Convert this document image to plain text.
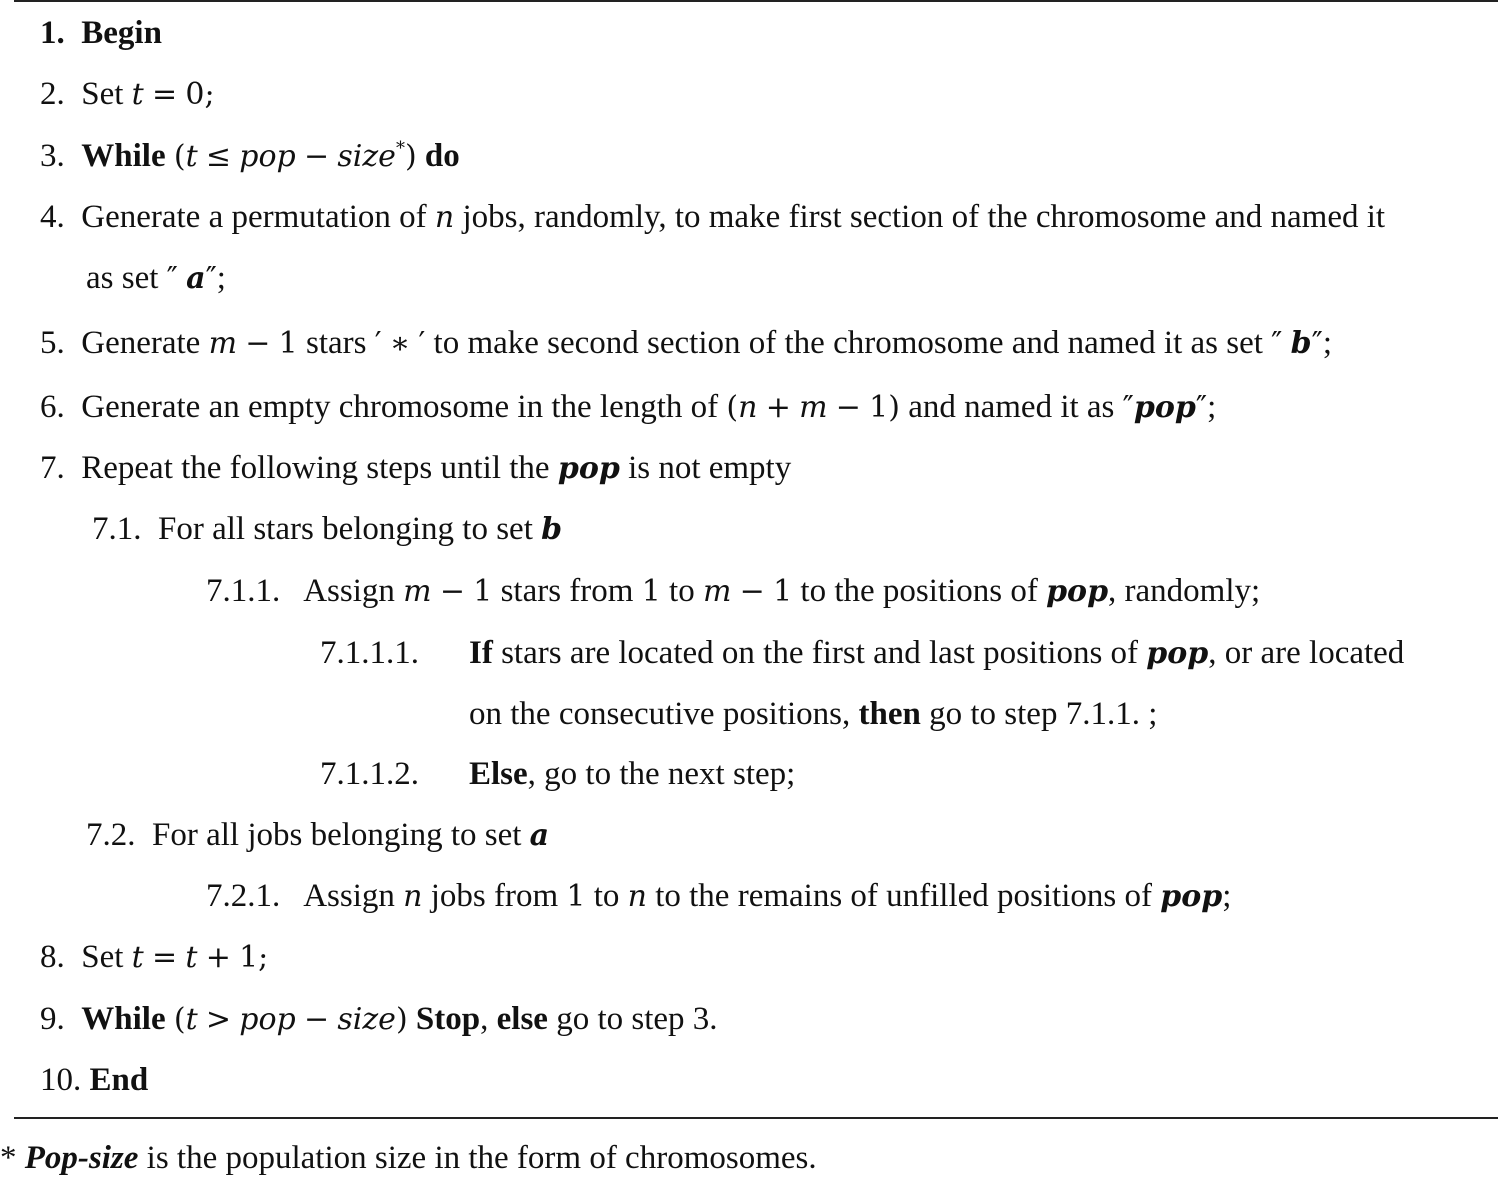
1. Begin
2. Set t = 0;
3. While (t ≤ pop − size*) do
4. Generate a permutation of n jobs, randomly, to make first section of the chromosome and named it
as set ″ a″;
5. Generate m − 1 stars ′ ∗ ′ to make second section of the chromosome and named it as set ″ b″;
6. Generate an empty chromosome in the length of (n + m − 1) and named it as ″pop″;
7. Repeat the following steps until the pop is not empty
7.1. For all stars belonging to set b
7.1.1. Assign m − 1 stars from 1 to m − 1 to the positions of pop, randomly;
7.1.1.1. If stars are located on the first and last positions of pop, or are located
on the consecutive positions, then go to step 7.1.1. ;
7.1.1.2. Else, go to the next step;
7.2. For all jobs belonging to set a
7.2.1. Assign n jobs from 1 to n to the remains of unfilled positions of pop;
8. Set t = t + 1;
9. While (t > pop − size) Stop, else go to step 3.
10. End
* Pop-size is the population size in the form of chromosomes.
